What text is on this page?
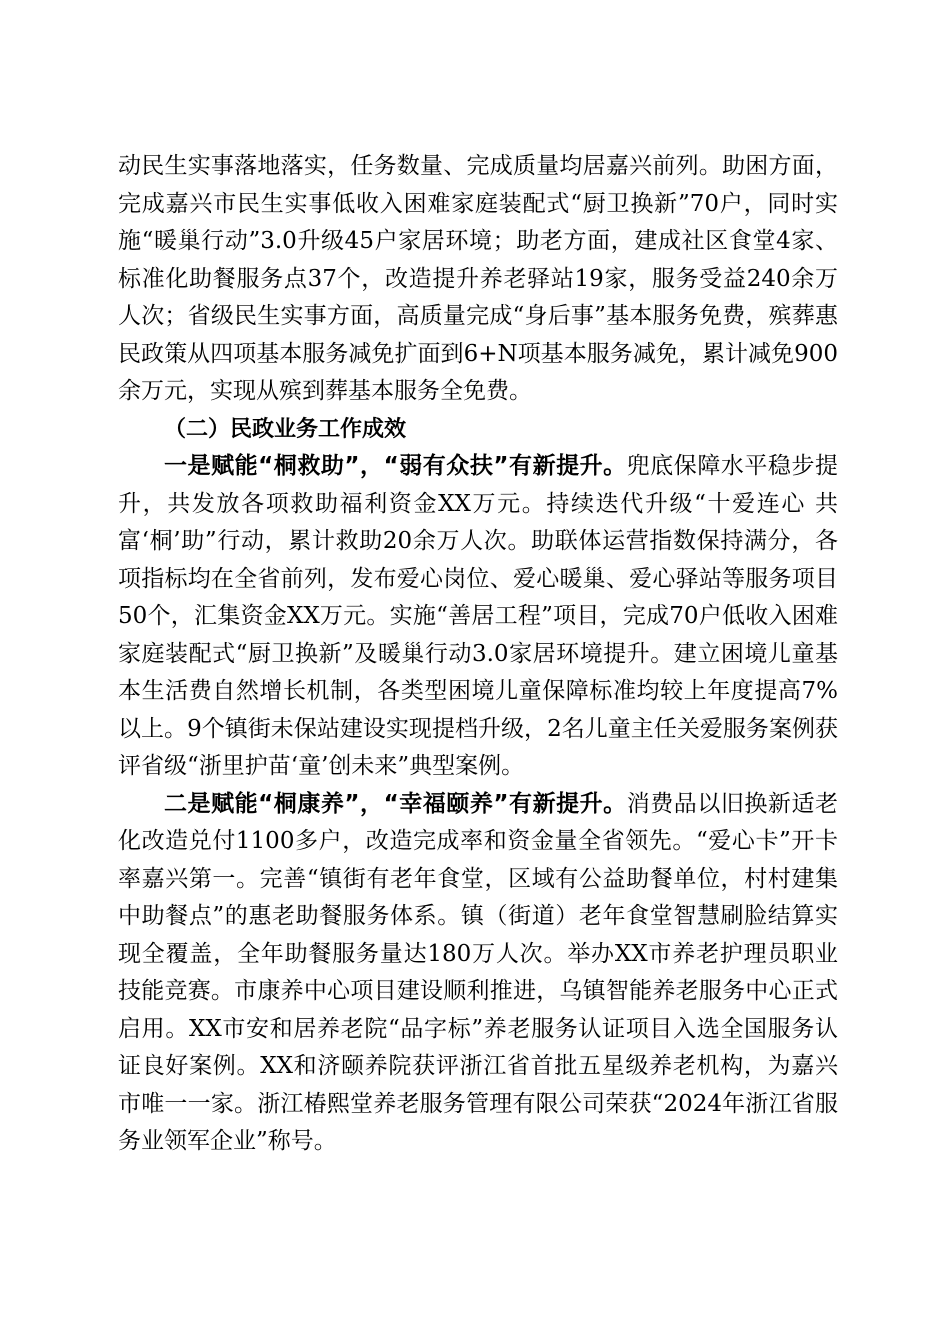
动民生实事落地落实，任务数量、完成质量均居嘉兴前列。助困方面，完成嘉兴市民生实事低收入困难家庭装配式“厨卫换新”70户，同时实施“暖巢行动”3.0升级45户家居环境；助老方面，建成社区食堂4家、标准化助餐服务点37个，改造提升养老驿站19家，服务受益240余万人次；省级民生实事方面，高质量完成“身后事”基本服务免费，殡葬惠民政策从四项基本服务减免扩面到6+N项基本服务减免，累计减免900余万元，实现从殡到葬基本服务全免费。

（二）民政业务工作成效

一是赋能“桐救助”，“弱有众扶”有新提升。兜底保障水平稳步提升，共发放各项救助福利资金XX万元。持续迭代升级“十爱连心 共富‘桐’助”行动，累计救助20余万人次。助联体运营指数保持满分，各项指标均在全省前列，发布爱心岗位、爱心暖巢、爱心驿站等服务项目50个，汇集资金XX万元。实施“善居工程”项目，完成70户低收入困难家庭装配式“厨卫换新”及暖巢行动3.0家居环境提升。建立困境儿童基本生活费自然增长机制，各类型困境儿童保障标准均较上年度提高7%以上。9个镇街未保站建设实现提档升级，2名儿童主任关爱服务案例获评省级“浙里护苗‘童’创未来”典型案例。

二是赋能“桐康养”，“幸福颐养”有新提升。消费品以旧换新适老化改造兑付1100多户，改造完成率和资金量全省领先。“爱心卡”开卡率嘉兴第一。完善“镇街有老年食堂，区域有公益助餐单位，村村建集中助餐点”的惠老助餐服务体系。镇（街道）老年食堂智慧刷脸结算实现全覆盖，全年助餐服务量达180万人次。举办XX市养老护理员职业技能竞赛。市康养中心项目建设顺利推进，乌镇智能养老服务中心正式启用。XX市安和居养老院“品字标”养老服务认证项目入选全国服务认证良好案例。XX和济颐养院获评浙江省首批五星级养老机构，为嘉兴市唯一一家。浙江椿熙堂养老服务管理有限公司荣获“2024年浙江省服务业领军企业”称号。
